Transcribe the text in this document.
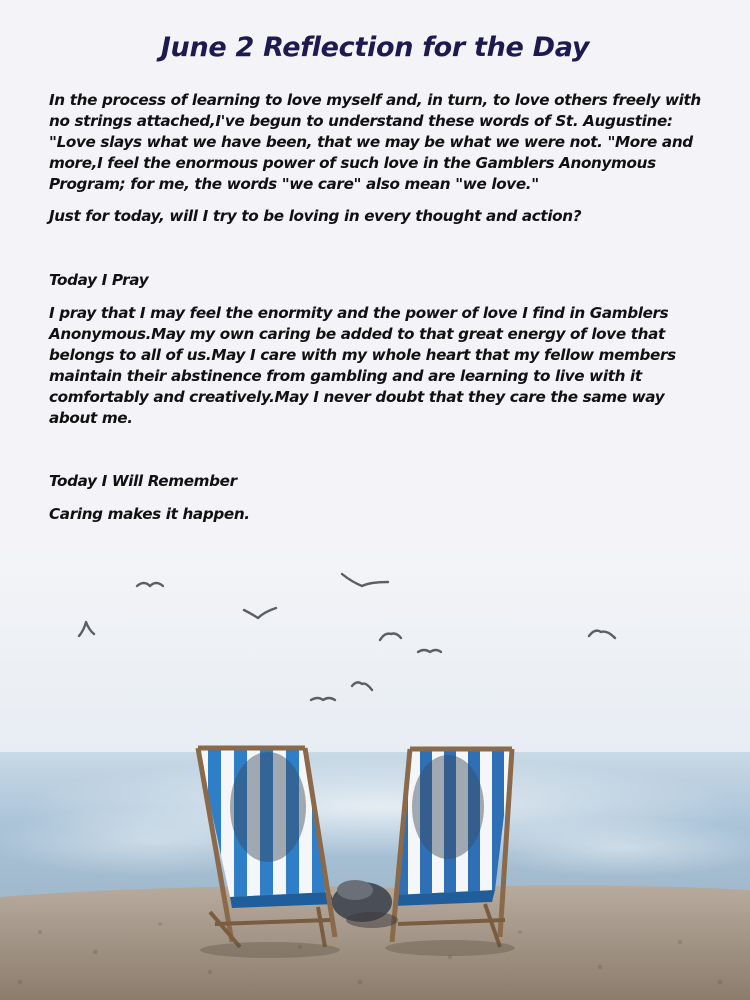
June 2 Reflection for the Day

In the process of learning to love myself and, in turn, to love others freely with no strings attached,I've begun to understand these words of St. Augustine: "Love slays what we have been, that we may be what we were not. "More and more,I feel the enormous power of such love in the Gamblers Anonymous Program; for me, the words "we care" also mean "we love."

Just for today, will I try to be loving in every thought and action?

Today I Pray

I pray that I may feel the enormity and the power of love I find in Gamblers Anonymous.May my own caring be added to that great energy of love that belongs to all of us.May I care with my whole heart that my fellow members maintain their abstinence from gambling and are learning to live with it comfortably and creatively.May I never doubt that they care the same way about me.

Today I Will Remember

Caring makes it happen.
